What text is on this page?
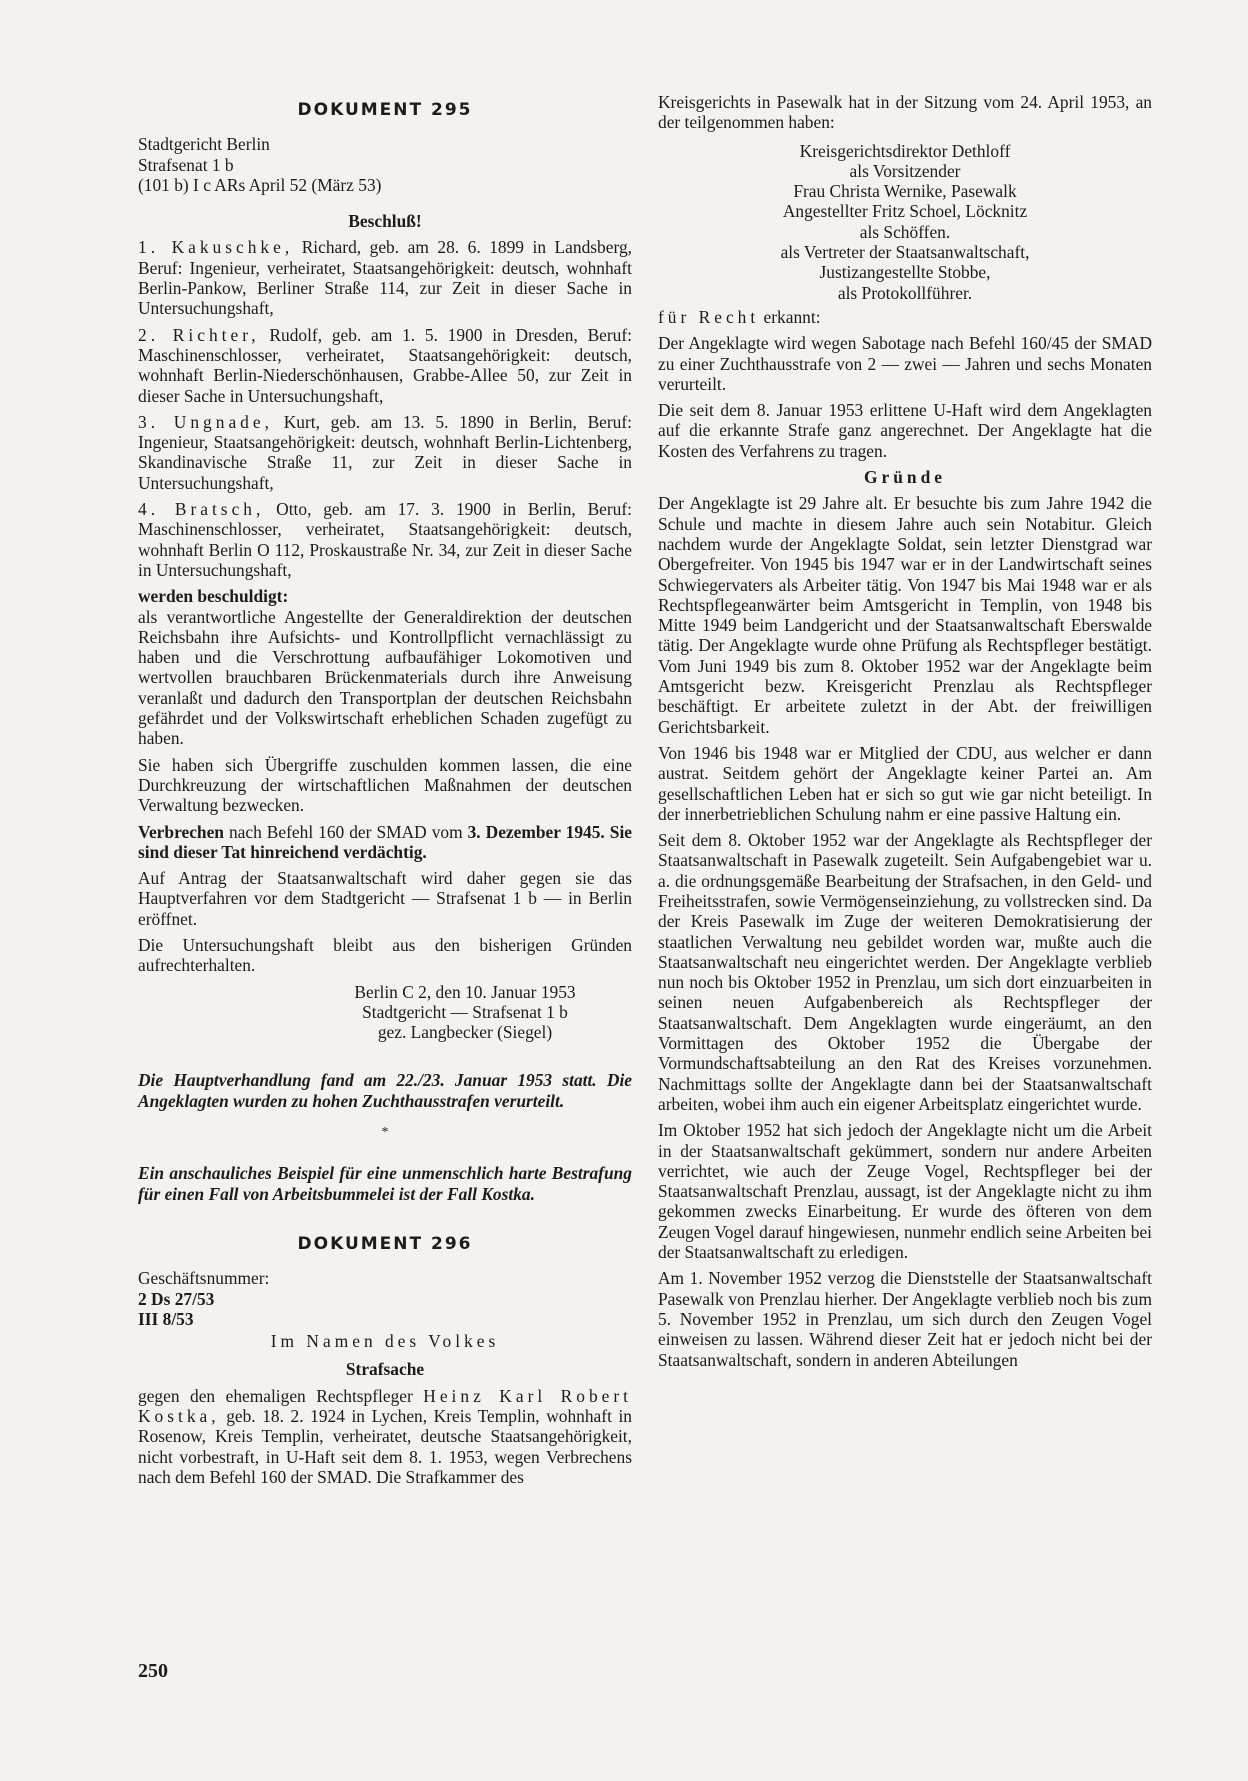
DOKUMENT 295
Stadtgericht Berlin
Strafsenat 1 b
(101 b) I c ARs April 52 (März 53)

Beschluß!

1. Kakuschke, Richard, geb. am 28. 6. 1899 in Landsberg, Beruf: Ingenieur, verheiratet, Staatsangehörigkeit: deutsch, wohnhaft Berlin-Pankow, Berliner Straße 114, zur Zeit in dieser Sache in Untersuchungshaft,

2. Richter, Rudolf, geb. am 1. 5. 1900 in Dresden, Beruf: Maschinenschlosser, verheiratet, Staatsangehörigkeit: deutsch, wohnhaft Berlin-Niederschönhausen, Grabbe-Allee 50, zur Zeit in dieser Sache in Untersuchungshaft,

3. Ungnade, Kurt, geb. am 13. 5. 1890 in Berlin, Beruf: Ingenieur, Staatsangehörigkeit: deutsch, wohnhaft Berlin-Lichtenberg, Skandinavische Straße 11, zur Zeit in dieser Sache in Untersuchungshaft,

4. Bratsch, Otto, geb. am 17. 3. 1900 in Berlin, Beruf: Maschinenschlosser, verheiratet, Staatsangehörigkeit: deutsch, wohnhaft Berlin O 112, Proskaustraße Nr. 34, zur Zeit in dieser Sache in Untersuchungshaft,

werden beschuldigt:

als verantwortliche Angestellte der Generaldirektion der deutschen Reichsbahn ihre Aufsichts- und Kontrollpflicht vernachlässigt zu haben und die Verschrottung aufbaufähiger Lokomotiven und wertvollen brauchbaren Brückenmaterials durch ihre Anweisung veranlaßt und dadurch den Transportplan der deutschen Reichsbahn gefährdet und der Volkswirtschaft erheblichen Schaden zugefügt zu haben.

Sie haben sich Übergriffe zuschulden kommen lassen, die eine Durchkreuzung der wirtschaftlichen Maßnahmen der deutschen Verwaltung bezwecken.

Verbrechen nach Befehl 160 der SMAD vom 3. Dezember 1945. Sie sind dieser Tat hinreichend verdächtig.

Auf Antrag der Staatsanwaltschaft wird daher gegen sie das Hauptverfahren vor dem Stadtgericht — Strafsenat 1 b — in Berlin eröffnet.

Die Untersuchungshaft bleibt aus den bisherigen Gründen aufrechterhalten.

Berlin C 2, den 10. Januar 1953
Stadtgericht — Strafsenat 1 b
gez. Langbecker (Siegel)

Die Hauptverhandlung fand am 22./23. Januar 1953 statt. Die Angeklagten wurden zu hohen Zuchthausstrafen verurteilt.

*

Ein anschauliches Beispiel für eine unmenschlich harte Bestrafung für einen Fall von Arbeitsbummelei ist der Fall Kostka.

DOKUMENT 296
Geschäftsnummer:
2 Ds 27/53
III 8/53

Im Namen des Volkes

Strafsache

gegen den ehemaligen Rechtspfleger Heinz Karl Robert Kostka, geb. 18. 2. 1924 in Lychen, Kreis Templin, wohnhaft in Rosenow, Kreis Templin, verheiratet, deutsche Staatsangehörigkeit, nicht vorbestraft, in U-Haft seit dem 8. 1. 1953, wegen Verbrechens nach dem Befehl 160 der SMAD. Die Strafkammer des

Kreisgerichts in Pasewalk hat in der Sitzung vom 24. April 1953, an der teilgenommen haben:

Kreisgerichtsdirektor Dethloff
als Vorsitzender
Frau Christa Wernike, Pasewalk
Angestellter Fritz Schoel, Löcknitz
als Schöffen.
als Vertreter der Staatsanwaltschaft,
Justizangestellte Stobbe,
als Protokollführer.

für Recht erkannt:

Der Angeklagte wird wegen Sabotage nach Befehl 160/45 der SMAD zu einer Zuchthausstrafe von 2 — zwei — Jahren und sechs Monaten verurteilt.

Die seit dem 8. Januar 1953 erlittene U-Haft wird dem Angeklagten auf die erkannte Strafe ganz angerechnet. Der Angeklagte hat die Kosten des Verfahrens zu tragen.

Gründe

Der Angeklagte ist 29 Jahre alt. Er besuchte bis zum Jahre 1942 die Schule und machte in diesem Jahre auch sein Notabitur. Gleich nachdem wurde der Angeklagte Soldat, sein letzter Dienstgrad war Obergefreiter. Von 1945 bis 1947 war er in der Landwirtschaft seines Schwiegervaters als Arbeiter tätig. Von 1947 bis Mai 1948 war er als Rechtspflegeanwärter beim Amtsgericht in Templin, von 1948 bis Mitte 1949 beim Landgericht und der Staatsanwaltschaft Eberswalde tätig. Der Angeklagte wurde ohne Prüfung als Rechtspfleger bestätigt. Vom Juni 1949 bis zum 8. Oktober 1952 war der Angeklagte beim Amtsgericht bezw. Kreisgericht Prenzlau als Rechtspfleger beschäftigt. Er arbeitete zuletzt in der Abt. der freiwilligen Gerichtsbarkeit.

Von 1946 bis 1948 war er Mitglied der CDU, aus welcher er dann austrat. Seitdem gehört der Angeklagte keiner Partei an. Am gesellschaftlichen Leben hat er sich so gut wie gar nicht beteiligt. In der innerbetrieblichen Schulung nahm er eine passive Haltung ein.

Seit dem 8. Oktober 1952 war der Angeklagte als Rechtspfleger der Staatsanwaltschaft in Pasewalk zugeteilt. Sein Aufgabengebiet war u. a. die ordnungsgemäße Bearbeitung der Strafsachen, in den Geld- und Freiheitsstrafen, sowie Vermögenseinziehung, zu vollstrecken sind. Da der Kreis Pasewalk im Zuge der weiteren Demokratisierung der staatlichen Verwaltung neu gebildet worden war, mußte auch die Staatsanwaltschaft neu eingerichtet werden. Der Angeklagte verblieb nun noch bis Oktober 1952 in Prenzlau, um sich dort einzuarbeiten in seinen neuen Aufgabenbereich als Rechtspfleger der Staatsanwaltschaft. Dem Angeklagten wurde eingeräumt, an den Vormittagen des Oktober 1952 die Übergabe der Vormundschaftsabteilung an den Rat des Kreises vorzunehmen. Nachmittags sollte der Angeklagte dann bei der Staatsanwaltschaft arbeiten, wobei ihm auch ein eigener Arbeitsplatz eingerichtet wurde.

Im Oktober 1952 hat sich jedoch der Angeklagte nicht um die Arbeit in der Staatsanwaltschaft gekümmert, sondern nur andere Arbeiten verrichtet, wie auch der Zeuge Vogel, Rechtspfleger bei der Staatsanwaltschaft Prenzlau, aussagt, ist der Angeklagte nicht zu ihm gekommen zwecks Einarbeitung. Er wurde des öfteren von dem Zeugen Vogel darauf hingewiesen, nunmehr endlich seine Arbeiten bei der Staatsanwaltschaft zu erledigen.

Am 1. November 1952 verzog die Dienststelle der Staatsanwaltschaft Pasewalk von Prenzlau hierher. Der Angeklagte verblieb noch bis zum 5. November 1952 in Prenzlau, um sich durch den Zeugen Vogel einweisen zu lassen. Während dieser Zeit hat er jedoch nicht bei der Staatsanwaltschaft, sondern in anderen Abteilungen

250
